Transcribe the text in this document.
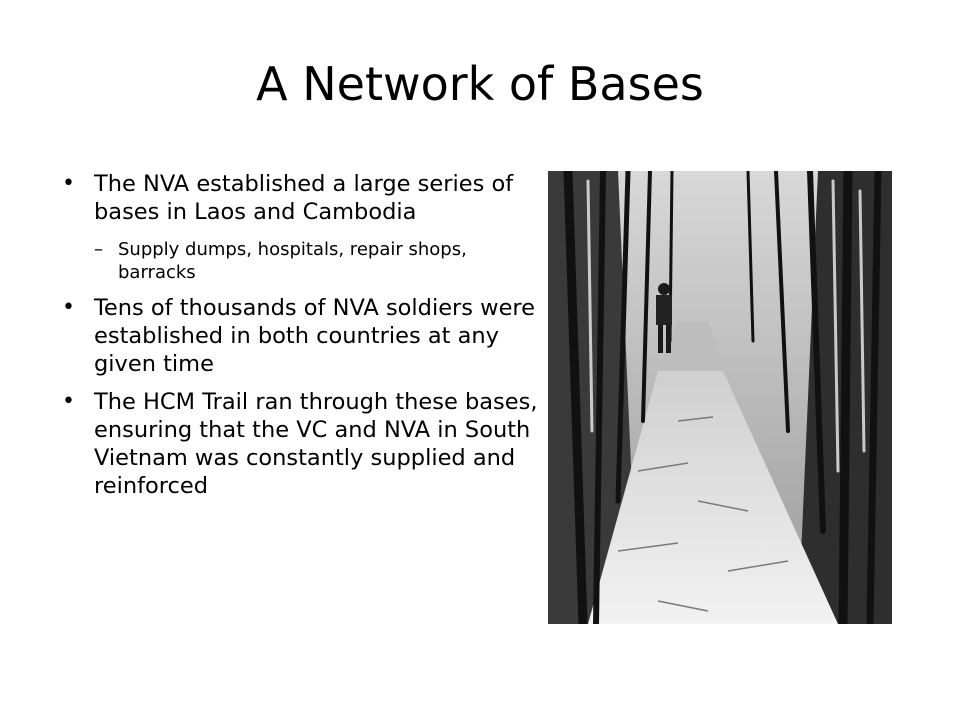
A Network of Bases
• The NVA established a large series of bases in Laos and Cambodia
– Supply dumps, hospitals, repair shops, barracks
• Tens of thousands of NVA soldiers were established in both countries at any given time
• The HCM Trail ran through these bases, ensuring that the VC and NVA in South Vietnam was constantly supplied and reinforced
